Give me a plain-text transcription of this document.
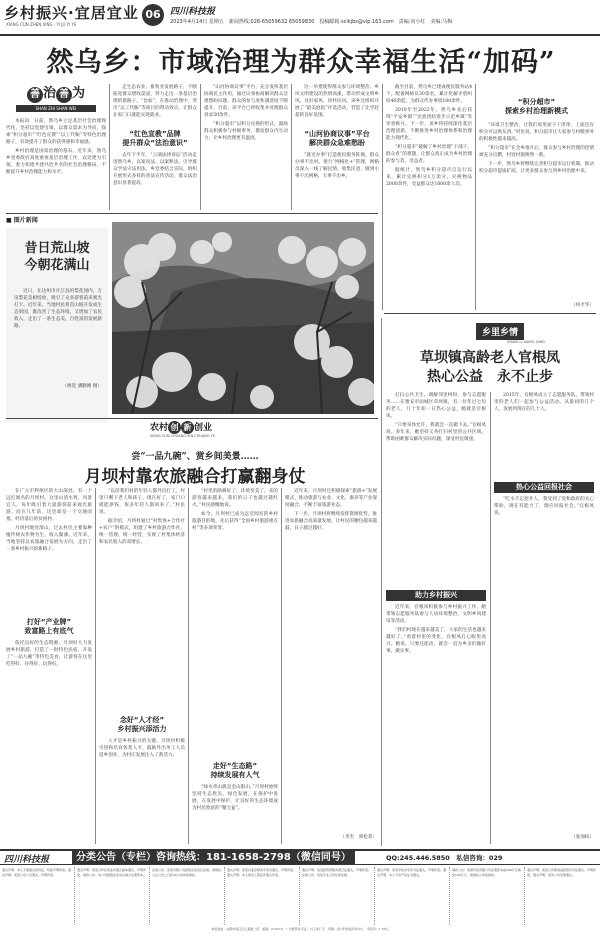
乡村振兴·宜居宜业
XIANG CUN ZHEN XING · YI JU YI YE
06	四川科技报
2023年4月14日 星期五　新闻热线:028-65059632 65059830　投稿邮箱:scikjbs@vip.163.com　责编:向小红　美编:马梅
然乌乡：市域治理为群众幸福生活“加码”
善 治 善 为
SHAN ZHI SHAN WEI

本报讯　日前，然乌乡立足基层社会治理现代化，坚持以党建引领，以群众需求为导向，探索“积分超市”“红色宣教”“以工代赈”等特色治理路子，有效提升了群众的获得感和幸福感。

乡村治理是国家治理的基石。近年来，然乌乡党委政府高度重视基层治理工作，以党建为引领，着力构建共建共治共享的社会治理格局，不断提升乡村治理能力和水平。

走生态农业、畜牧业发展路子，不断拓宽群众增收渠道，努力走出一条基层治理的新路子。“比如”，在推动治理中，突出“以工代赈”等项目的带动效应，让群众在家门口就能实现就业。

“红色宣教”品牌
提升群众“法治意识”

去年下半年，“云端法律诉讼”活动走进然乌乡，以案说法、以案释法，引导群众学法守法用法。乡党委结合实际，组织开展形式多样的普法宣传活动，群众法治意识显著提高。

“山河协商议事”平台，充分发挥基层协商民主作用，通过议事协商解决群众急难愁盼问题，群众的参与度和满意度不断提升。目前，该平台已经收集并处理群众诉求50余件。

“积分超市”以积分兑换的形式，鼓励群众积极参与村级事务，激发群众内生动力，让乡村治理更有温度。

这一举措使得群众参与环境整治、乡风文明建设的热情高涨，带动形成文明乡风、良好家风、淳朴民风。该乡还组织开展了“最美庭院”评选活动，营造了比学赶超的良好氛围。

“山河协商议事”平台
解决群众急难愁盼

“就近办事”打造便民服务阵地，群众办事不出村。推行“网格化+”管理，网格员深入一线了解民情、收集民意，做到小事不出网格、大事不出乡。

截至目前，然乌乡已建成便民服务站4个，配备网格员30余名，累计化解矛盾纠纷40余起，为群众代办事项100余件。

2019年至2022年，然乌乡先后获得“平安乡镇”“民族团结进步示范乡镇”等荣誉称号。下一步，该乡将持续深化基层治理创新，不断推进乡村治理体系和治理能力现代化。

“积分超市”破解了乡村治理“干部干、群众看”的难题，让群众真正成为乡村治理的参与者、受益者。

据统计，然乌乡积分超市自运行以来，累计兑换积分1万余分，兑换物品2000余件，受益群众达1000余人次。

“积分超市”
探索乡村治理新模式

“环境卫生整治，让我们家里面干干净净，上面还有积分可以换东西。”村民说，积分超市让大家参与村级事务的积极性越来越高。

“积分超市”在全乡推开后，群众参与乡村治理的热情被充分点燃，村容村貌焕然一新。

下一步，然乌乡将继续完善积分超市运行机制，推动积分超市提质扩面，让更多群众参与到乡村治理中来。

（何才华）
■ 图片新闻
昔日荒山坡
今朝花满山
近日，在达州市开江县的梨花园内，万亩梨花竞相绽放，吸引了众多游客前来观光打卡。近年来，当地村民将荒山坡开发成生态果园，既改善了生态环境，又增加了农民收入，走出了一条生态美、百姓富的发展新路。
（视觉 潘勤刚 摄）
乡里乡情
XIANG LI XIANG QING
草坝镇高龄老人官根凤
热心公益　永不止步

打扫公共卫生、调解邻里纠纷、参与志愿服务……在雅安市雨城区草坝镇，有一位年过七旬的老人，几十年如一日热心公益，她就是官根凤。

“只要身体允许，我就会一直做下去。”官根凤说。多年来，她坚持义务打扫村里的公共区域，帮助困难群众解决实际问题，深受村民敬重。

助力乡村振兴

近年来，官根凤积极参与乡村振兴工作，她带领志愿服务队参与人居环境整治、文明乡风建设等活动。

“我们村现在越来越美了，大家的生活也越来越好了。”看着村里的变化，官根凤打心眼里高兴。她说，只要还能动，就会一直为乡亲们做好事、做实事。

2015年，官根凤成立了志愿服务队，带领村里的老人们一起参与公益活动。从最初的几个人，发展到现在的几十人。

热心公益回报社会

“吃水不忘挖井人，我受到了党和政府的关心帮助，现在有能力了，理应回报社会。”官根凤说。

（张加权）
农村 创 新 创业
NONG CUN CHUANG XIN CHUANG YE
尝“一品九碗”、赏乡间美景……
月坝村靠农旅融合打赢翻身仗

在广元市利州区的大山深处，有一个远近闻名的月坝村。这里山清水秀、风景宜人，每年吸引着大量游客前来观光旅游。而在几年前，这里却是一个交通闭塞、经济落后的贫困村。

月坝村地处深山，过去村民主要靠种植传统农作物为生，收入微薄。近年来，当地坚持以农旅融合发展为方向，走出了一条乡村振兴的新路子。

打好“产业牌”
致富路上有底气

依托良好的生态资源，月坝村大力发展乡村旅游，打造了一批特色民宿，开发了“一品九碗”等特色美食，让游客在这里吃得好、住得好、玩得好。

“以前我们村的年轻人都外出打工，村里只剩下老人和孩子。现在好了，家门口就能挣钱，很多年轻人都回来了。”村民说。

据介绍，月坝村通过“村集体+合作社+农户”的模式，组建了乡村旅游合作社，统一管理、统一经营，实现了村集体经济和农民收入的双增长。

念好“人才经”
乡村振兴添活力

人才是乡村振兴的关键。月坝村积极引进和培育各类人才，鼓励外出务工人员返乡创业，为村庄发展注入了新活力。

“村里的路修好了，环境变美了，来的游客越来越多，我们的日子也越过越红火。”村民感慨地说。

如今，月坝村已成为远近闻名的乡村旅游目的地，先后获得“全国乡村旅游重点村”等多项荣誉。

走好“生态路”
持续发展有人气

“绿水青山就是金山银山。”月坝村始终坚持生态优先、绿色发展，在保护中发展，在发展中保护，让良好的生态环境成为村民致富的“聚宝盆”。

近年来，月坝村还积极探索“旅游+”发展模式，推动旅游与农业、文化、康养等产业深度融合，不断丰富旅游业态。

下一步，月坝村将继续发挥资源优势，推进农旅融合高质量发展，让村民的腰包越来越鼓，日子越过越好。

（李杰　郭松菁）
四川科技报	分类公告（专栏）咨询热线：181-1658-2798（微信同号）	QQ:245.446.5850　私信咨询：029
遗失声明：本人不慎遗失身份证，特此声明作废。遗失声明：某某公司公章遗失，声明作废。
遗失声明：某某合作社营业执照正副本遗失，声明作废。减资公告：本公司经股东会决议减少注册资本。
注销公告：某某有限公司经股东会决议注销，请债权人自公告之日起45日内申报债权。
遗失声明：某某村委会财务专用章遗失，声明作废。遗失声明：本人建设工程证件遗失作废。
遗失声明：某某经营部税务登记证遗失，声明作废。注销公告：某某专业合作社拟注销。
遗失声明：某某学校办学许可证遗失，声明作废。遗失声明：本人不动产权证书遗失。
减资公告：某某科技有限公司注册资本由500万元减至100万元，请债权人申报债权。
遗失声明：某某门市部食品经营许可证遗失，声明作废。遗失声明：某某公司发票遗失。
本报地址：成都市锦江区红星路二段　邮编：610016　广告经营许可证：川工商广字　印刷：四川科技报印务中心　零售价：1.50元
